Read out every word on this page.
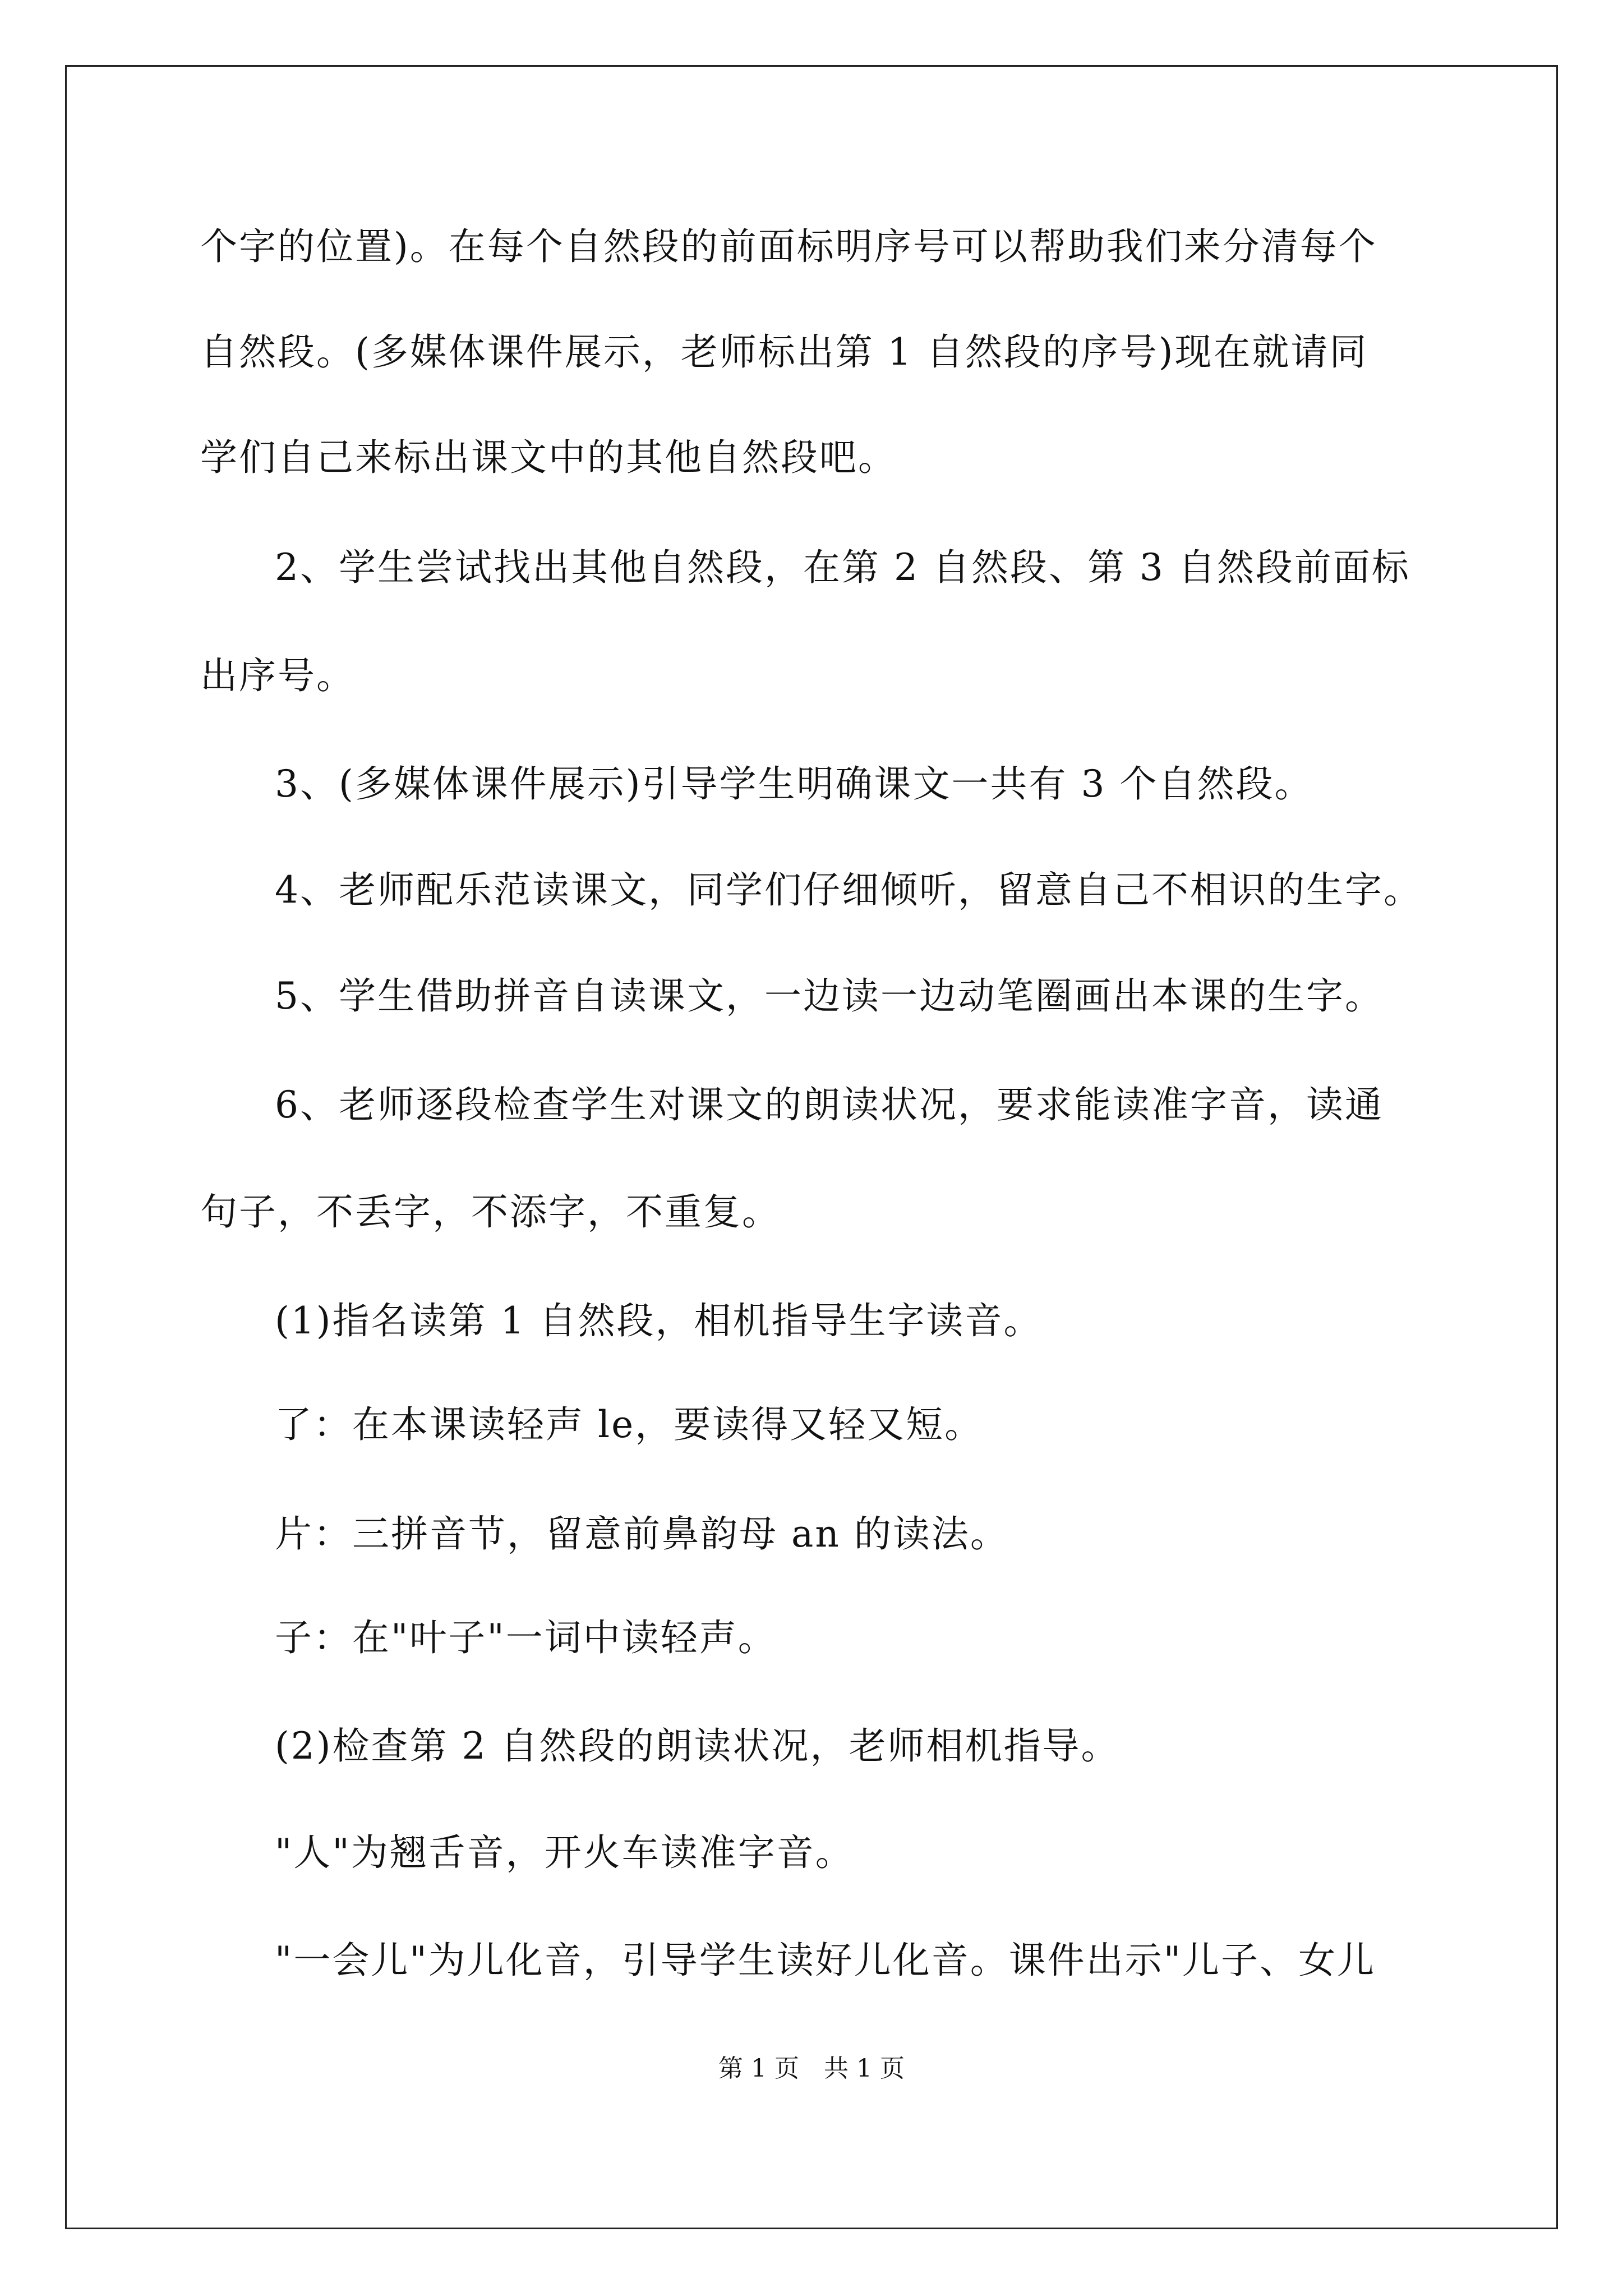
个字的位置)。在每个自然段的前面标明序号可以帮助我们来分清每个
自然段。(多媒体课件展示，老师标出第 1 自然段的序号)现在就请同
学们自己来标出课文中的其他自然段吧。
2、学生尝试找出其他自然段，在第 2 自然段、第 3 自然段前面标
出序号。
3、(多媒体课件展示)引导学生明确课文一共有 3 个自然段。
4、老师配乐范读课文，同学们仔细倾听，留意自己不相识的生字。
5、学生借助拼音自读课文，一边读一边动笔圈画出本课的生字。
6、老师逐段检查学生对课文的朗读状况，要求能读准字音，读通
句子，不丢字，不添字，不重复。
(1)指名读第 1 自然段，相机指导生字读音。
了：在本课读轻声 le，要读得又轻又短。
片：三拼音节，留意前鼻韵母 an 的读法。
子：在"叶子"一词中读轻声。
(2)检查第 2 自然段的朗读状况，老师相机指导。
"人"为翘舌音，开火车读准字音。
"一会儿"为儿化音，引导学生读好儿化音。课件出示"儿子、女儿
第 1 页　共 1 页
